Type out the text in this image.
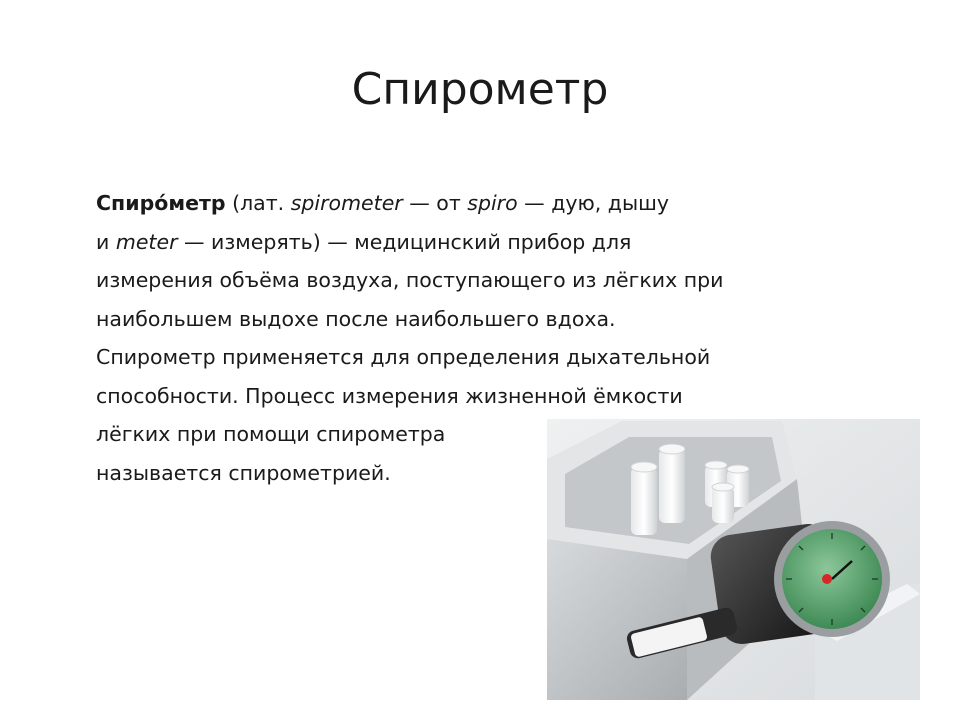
Спирометр

Спирометр (лат. spirometer — от spiro — дую, дышу
и meter — измерять) — медицинский прибор для
измерения объёма воздуха, поступающего из лёгких при
наибольшем выдохе после наибольшего вдоха.
Спирометр применяется для определения дыхательной
способности. Процесс измерения жизненной ёмкости
лёгких при помощи спирометра
называется спирометрией.
